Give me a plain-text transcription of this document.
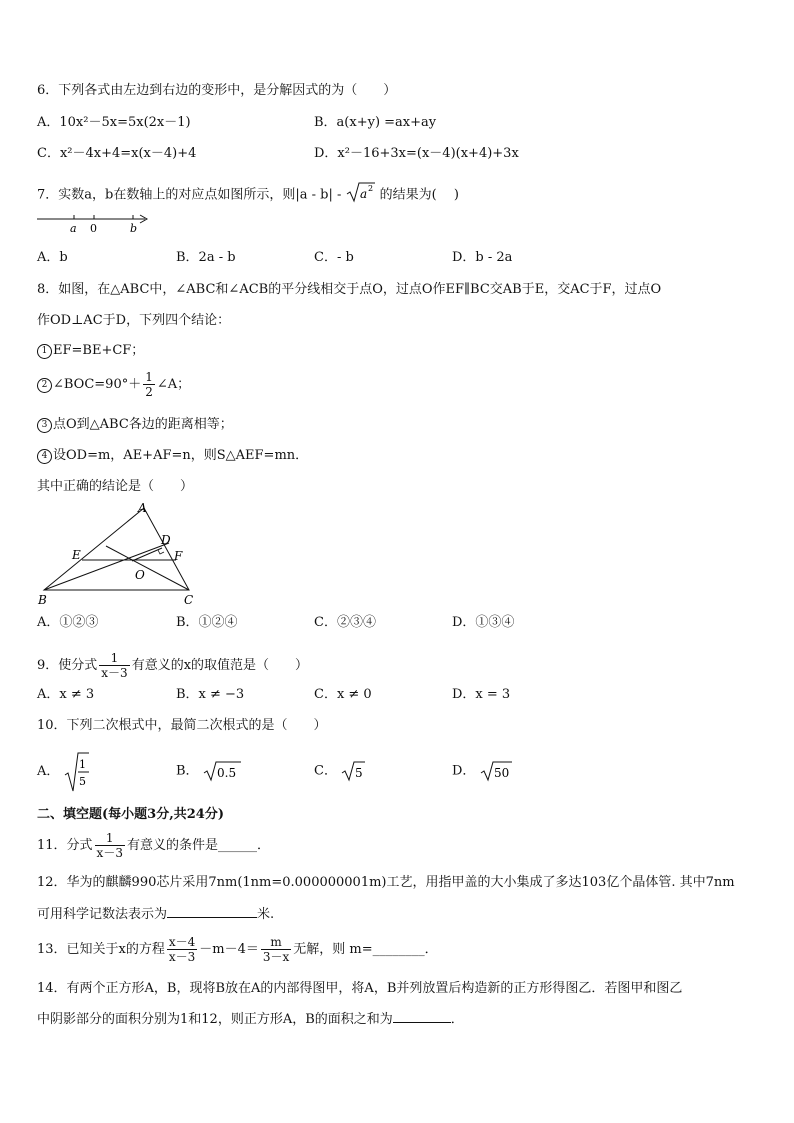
6．下列各式由左边到右边的变形中，是分解因式的为（　　）
A．10x²－5x=5x(2x－1)	B．a(x+y) =ax+ay
C．x²－4x+4=x(x－4)+4	D．x²－16+3x=(x－4)(x+4)+3x
7．实数a，b在数轴上的对应点如图所示，则|a - b| - a 2 的结果为(　 )
a 0	b
A．b	B．2a - b	C．- b	D．b - 2a
8．如图，在△ABC中，∠ABC和∠ACB的平分线相交于点O，过点O作EF∥BC交AB于E，交AC于F，过点O
作OD⊥AC于D，下列四个结论：
1 EF=BE+CF；
2 ∠BOC=90°＋ $\frac{1}{2}$ ∠A；
3 点O到△ABC各边的距离相等；
4 设OD=m，AE+AF=n，则S△AEF=mn．
其中正确的结论是（　　）
A
D
E	F
O
B	C
A．①②③	B．①②④	C．②③④	D．①③④
9．使分式 $\frac{1}{x-3}$ 有意义的x的取值范是（　　）
A．x ≠ 3	B．x ≠ −3	C．x ≠ 0	D．x = 3
10．下列二次根式中，最简二次根式的是（　　）
A． 1
5
B． 0.5	C． 5	D． 50
二、填空题(每小题3分,共24分)
11．分式 $\frac{1}{x-3}$ 有意义的条件是______．
12．华为的麒麟990芯片采用7nm(1nm=0.000000001m)工艺，用指甲盖的大小集成了多达103亿个晶体管. 其中7nm
可用科学记数法表示为	米.
13．已知关于x的方程 $\frac{x-4}{x-3} -m-4= \frac{m}{3-x}$ 无解，则 m=________．
14．有两个正方形A，B，现将B放在A的内部得图甲，将A，B并列放置后构造新的正方形得图乙．若图甲和图乙
中阴影部分的面积分别为1和12，则正方形A，B的面积之和为	．
